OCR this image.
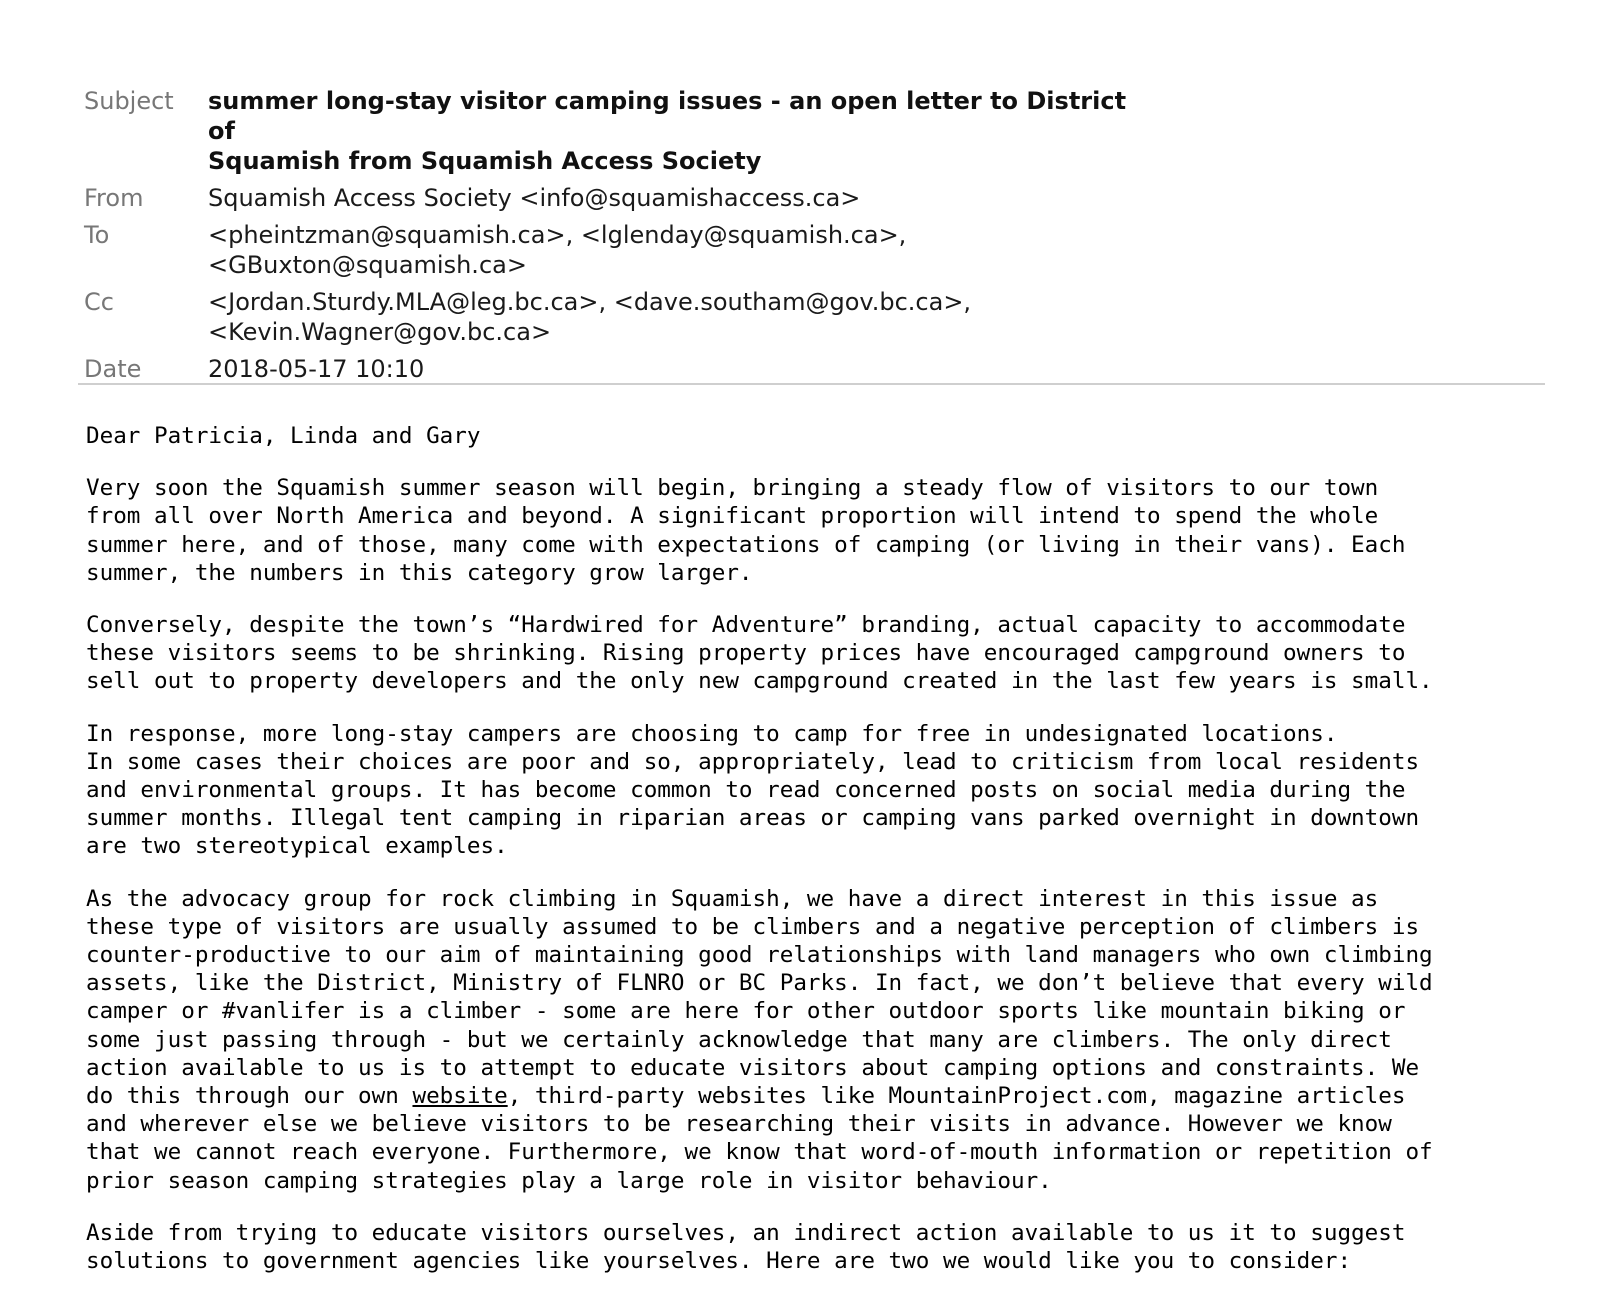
Subject	summer long-stay visitor camping issues - an open letter to District of
Squamish from Squamish Access Society
From	Squamish Access Society <info@squamishaccess.ca>
To	<pheintzman@squamish.ca>, <lglenday@squamish.ca>,
<GBuxton@squamish.ca>
Cc	<Jordan.Sturdy.MLA@leg.bc.ca>, <dave.southam@gov.bc.ca>,
<Kevin.Wagner@gov.bc.ca>
Date	2018-05-17 10:10

Dear Patricia, Linda and Gary

Very soon the Squamish summer season will begin, bringing a steady flow of visitors to our town
from all over North America and beyond. A significant proportion will intend to spend the whole
summer here, and of those, many come with expectations of camping (or living in their vans). Each
summer, the numbers in this category grow larger.

Conversely, despite the town’s “Hardwired for Adventure” branding, actual capacity to accommodate
these visitors seems to be shrinking. Rising property prices have encouraged campground owners to
sell out to property developers and the only new campground created in the last few years is small.

In response, more long-stay campers are choosing to camp for free in undesignated locations.
In some cases their choices are poor and so, appropriately, lead to criticism from local residents
and environmental groups. It has become common to read concerned posts on social media during the
summer months. Illegal tent camping in riparian areas or camping vans parked overnight in downtown
are two stereotypical examples.

As the advocacy group for rock climbing in Squamish, we have a direct interest in this issue as
these type of visitors are usually assumed to be climbers and a negative perception of climbers is
counter-productive to our aim of maintaining good relationships with land managers who own climbing
assets, like the District, Ministry of FLNRO or BC Parks. In fact, we don’t believe that every wild
camper or #vanlifer is a climber - some are here for other outdoor sports like mountain biking or
some just passing through - but we certainly acknowledge that many are climbers. The only direct
action available to us is to attempt to educate visitors about camping options and constraints. We
do this through our own website, third-party websites like MountainProject.com, magazine articles
and wherever else we believe visitors to be researching their visits in advance. However we know
that we cannot reach everyone. Furthermore, we know that word-of-mouth information or repetition of
prior season camping strategies play a large role in visitor behaviour.

Aside from trying to educate visitors ourselves, an indirect action available to us it to suggest
solutions to government agencies like yourselves. Here are two we would like you to consider:
